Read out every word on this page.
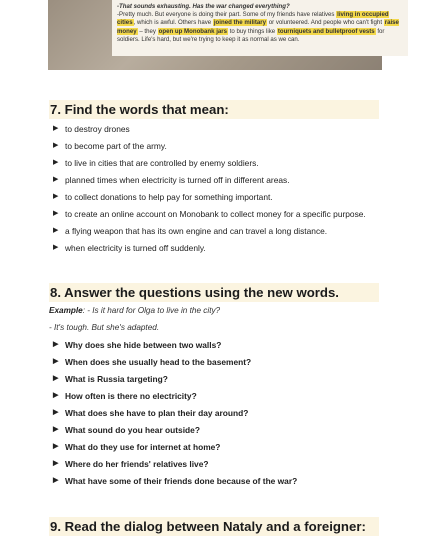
-That sounds exhausting. Has the war changed everything?
-Pretty much. But everyone is doing their part. Some of my friends have relatives living in occupied cities, which is awful. Others have joined the military or volunteered. And people who can't fight raise money – they open up Monobank jars to buy things like tourniquets and bulletproof vests for soldiers. Life's hard, but we're trying to keep it as normal as we can.
7. Find the words that mean:
▶ to destroy drones
▶ to become part of the army.
▶ to live in cities that are controlled by enemy soldiers.
▶ planned times when electricity is turned off in different areas.
▶ to collect donations to help pay for something important.
▶ to create an online account on Monobank to collect money for a specific purpose.
▶ a flying weapon that has its own engine and can travel a long distance.
▶ when electricity is turned off suddenly.
8. Answer the questions using the new words.
Example: - Is it hard for Olga to live in the city?
- It's tough. But she's adapted.
▶ Why does she hide between two walls?
▶ When does she usually head to the basement?
▶ What is Russia targeting?
▶ How often is there no electricity?
▶ What does she have to plan their day around?
▶ What sound do you hear outside?
▶ What do they use for internet at home?
▶ Where do her friends' relatives live?
▶ What have some of their friends done because of the war?
9. Read the dialog between Nataly and a foreigner:
